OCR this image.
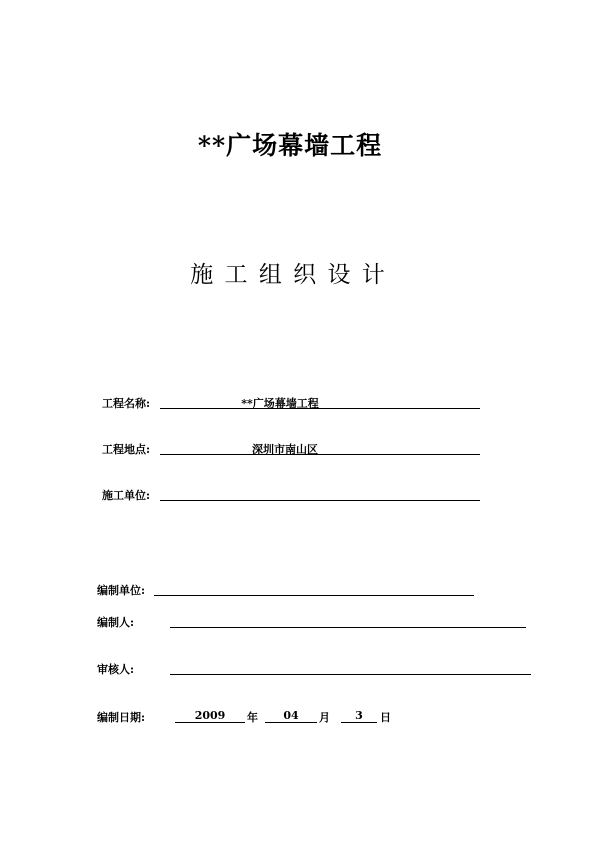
**广场幕墙工程
施 工 组 织 设 计
工程名称:	**广场幕墙工程
工程地点:	深圳市南山区
施工单位:
编制单位:
编制人:
审核人:
编制日期:	2009	年	04	月	3	日
